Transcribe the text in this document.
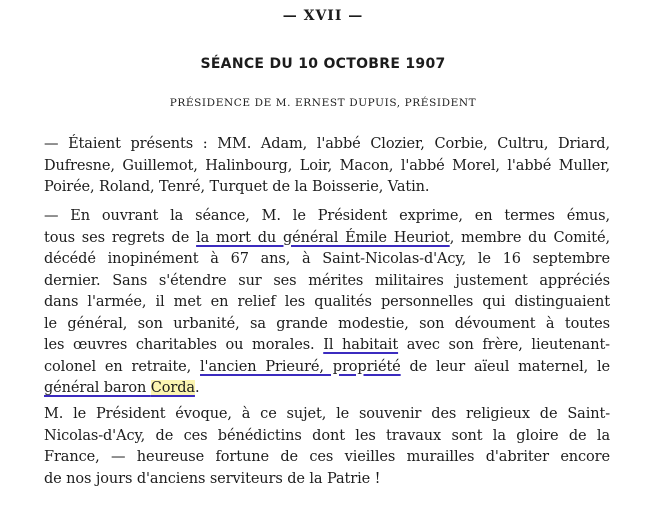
— XVII —
SÉANCE DU 10 OCTOBRE 1907
PRÉSIDENCE DE M. ERNEST DUPUIS, PRÉSIDENT
— Étaient présents : MM. Adam, l'abbé Clozier, Corbie, Cultru, Driard,
Dufresne, Guillemot, Halinbourg, Loir, Macon, l'abbé Morel, l'abbé Muller,
Poirée, Roland, Tenré, Turquet de la Boisserie, Vatin.
— En ouvrant la séance, M. le Président exprime, en termes émus,
tous ses regrets de la mort du général Émile Heuriot, membre du Comité,
décédé inopinément à 67 ans, à Saint-Nicolas-d'Acy, le 16 septembre
dernier. Sans s'étendre sur ses mérites militaires justement appréciés
dans l'armée, il met en relief les qualités personnelles qui distinguaient
le général, son urbanité, sa grande modestie, son dévoument à toutes
les œuvres charitables ou morales. Il habitait avec son frère, lieutenant-
colonel en retraite, l'ancien Prieuré, propriété de leur aïeul maternel, le
général baron Corda.
M. le Président évoque, à ce sujet, le souvenir des religieux de Saint-
Nicolas-d'Acy, de ces bénédictins dont les travaux sont la gloire de la
France, — heureuse fortune de ces vieilles murailles d'abriter encore
de nos jours d'anciens serviteurs de la Patrie !
